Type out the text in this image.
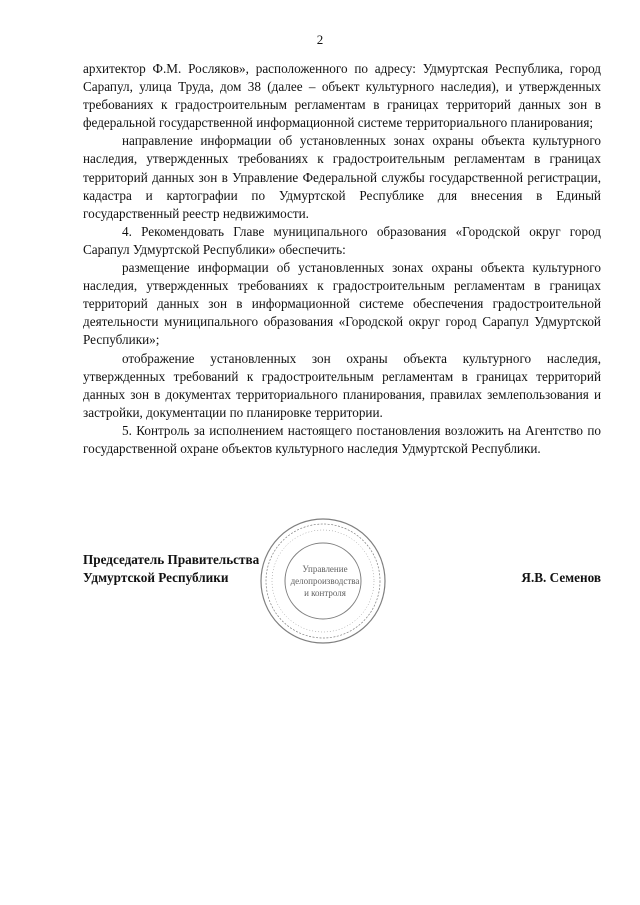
2

архитектор Ф.М. Росляков», расположенного по адресу: Удмуртская Республика, город Сарапул, улица Труда, дом 38 (далее – объект культурного наследия), и утвержденных требованиях к градостроительным регламентам в границах территорий данных зон в федеральной государственной информационной системе территориального планирования;

направление информации об установленных зонах охраны объекта культурного наследия, утвержденных требованиях к градостроительным регламентам в границах территорий данных зон в Управление Федеральной службы государственной регистрации, кадастра и картографии по Удмуртской Республике для внесения в Единый государственный реестр недвижимости.

4. Рекомендовать Главе муниципального образования «Городской округ город Сарапул Удмуртской Республики» обеспечить:

размещение информации об установленных зонах охраны объекта культурного наследия, утвержденных требованиях к градостроительным регламентам в границах территорий данных зон в информационной системе обеспечения градостроительной деятельности муниципального образования «Городской округ город Сарапул Удмуртской Республики»;

отображение установленных зон охраны объекта культурного наследия, утвержденных требований к градостроительным регламентам в границах территорий данных зон в документах территориального планирования, правилах землепользования и застройки, документации по планировке территории.

5. Контроль за исполнением настоящего постановления возложить на Агентство по государственной охране объектов культурного наследия Удмуртской Республики.

Управление
делопроизводства
и контроля
Председатель Правительства
Удмуртской Республики	Я.В. Семенов
